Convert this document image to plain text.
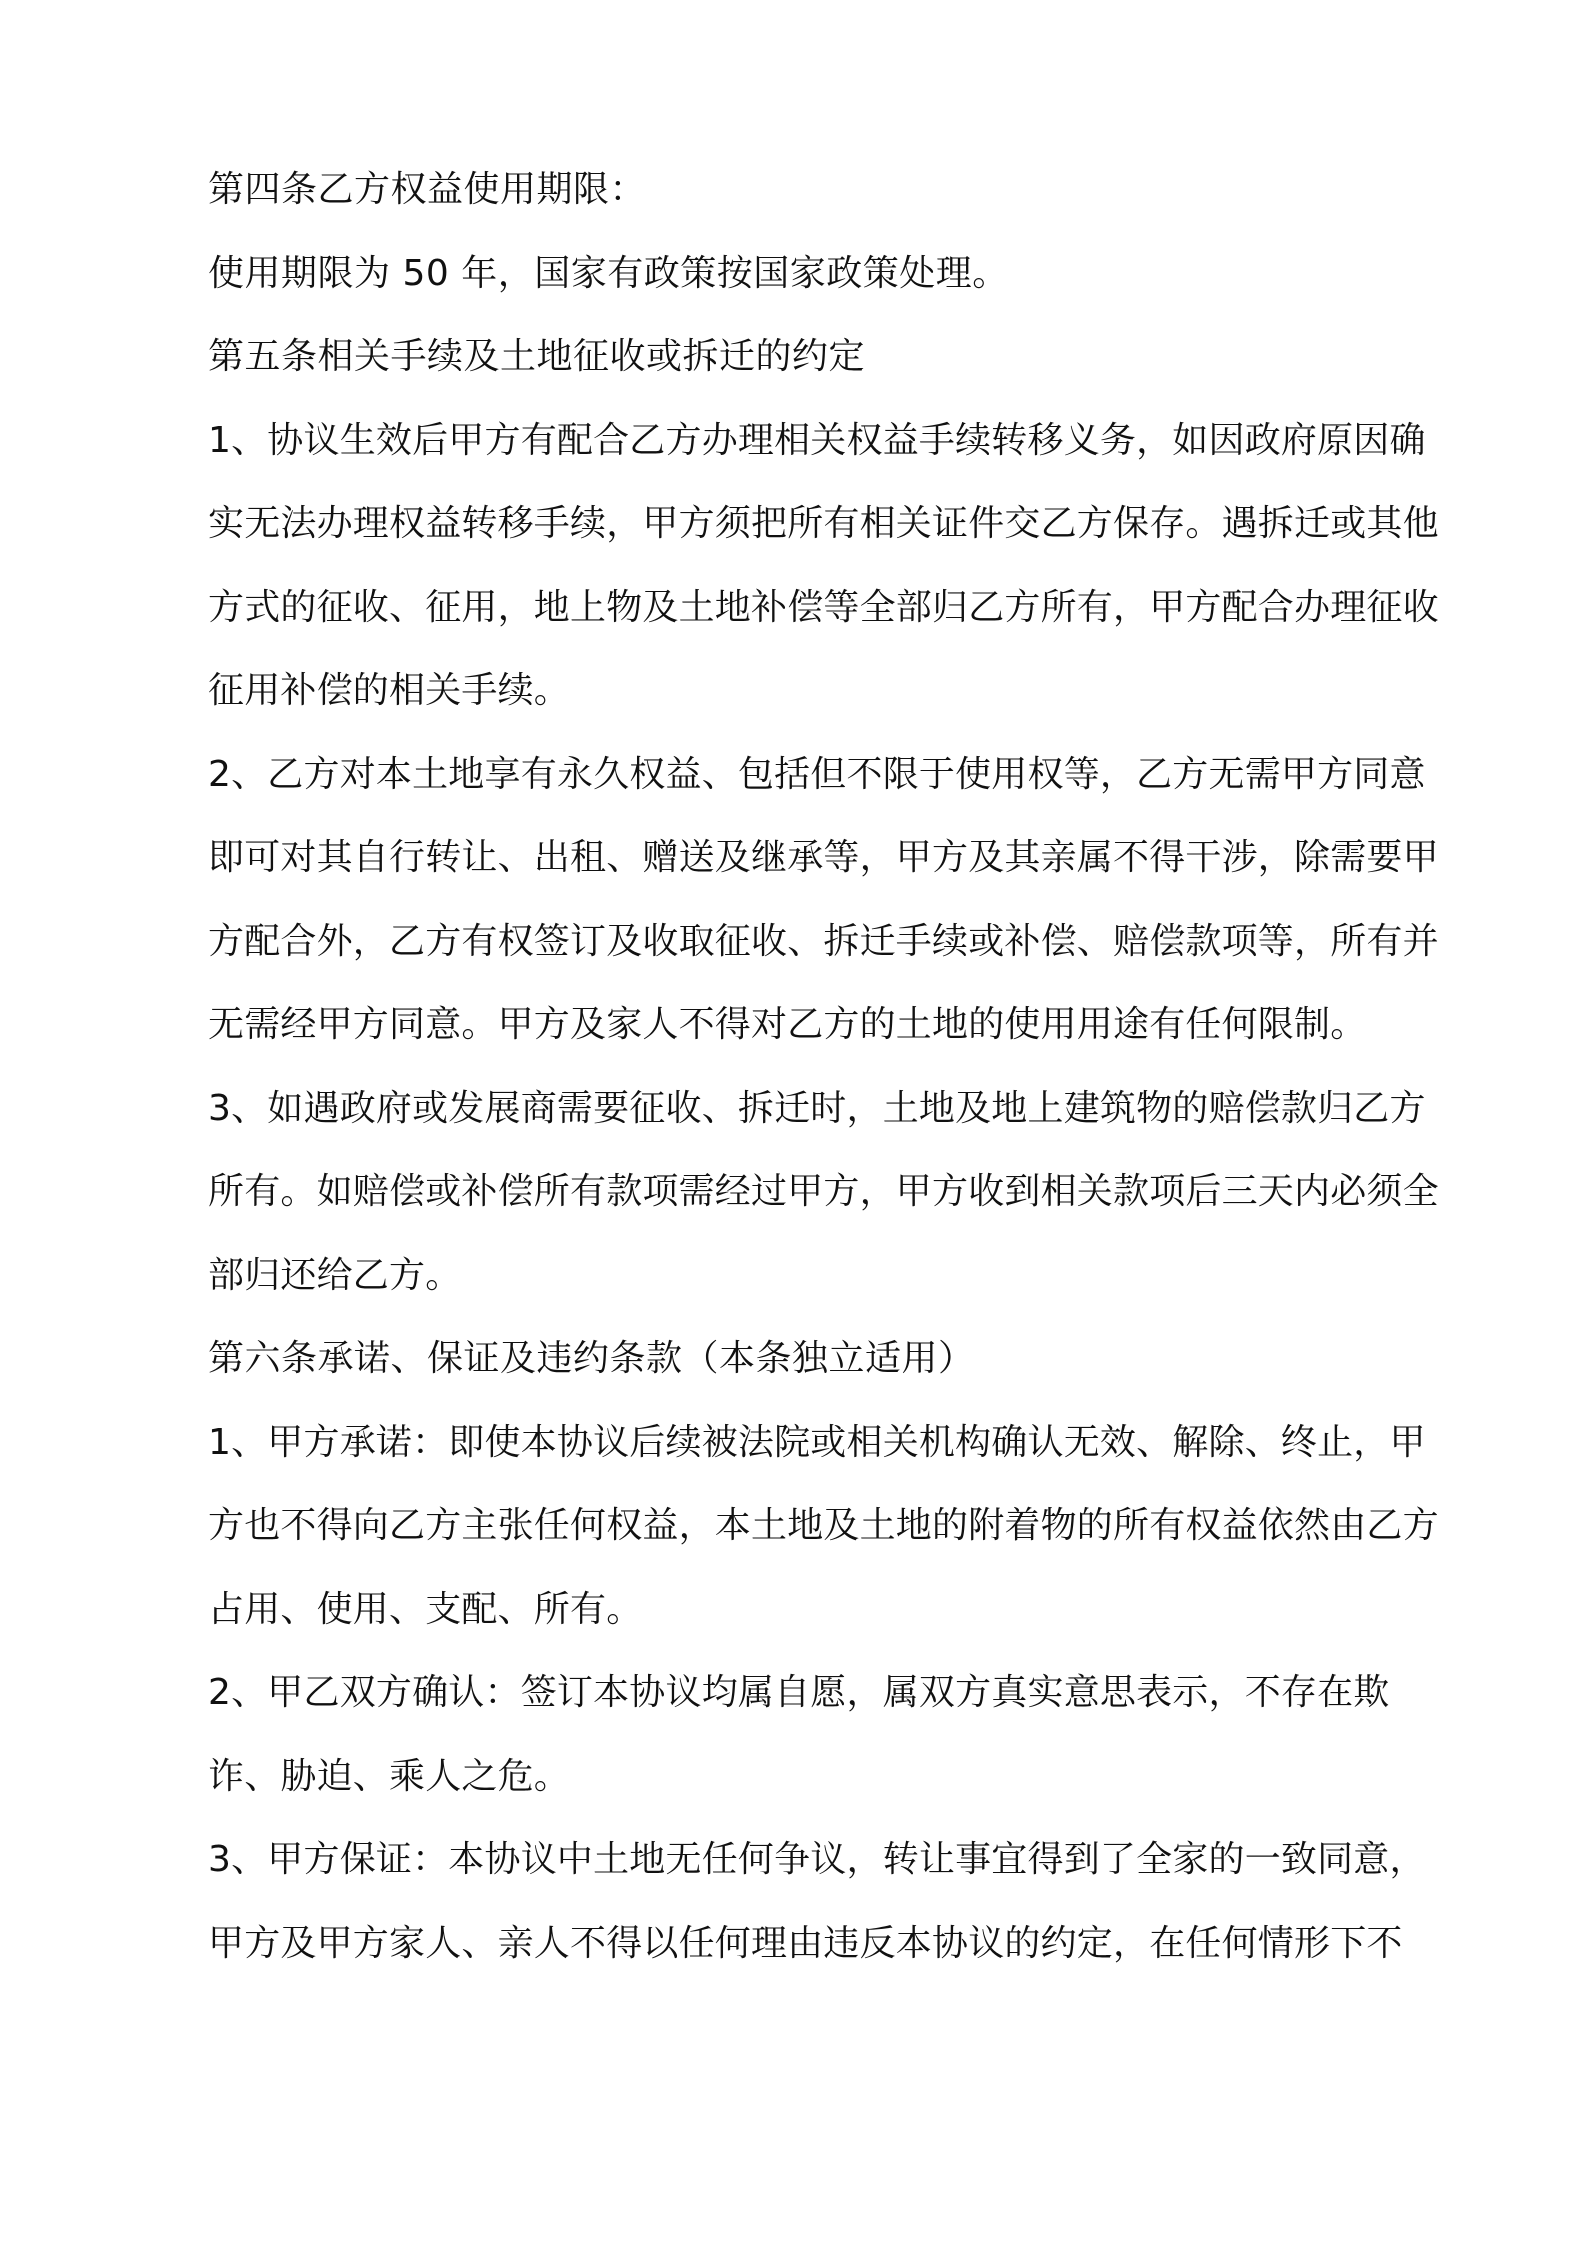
第四条乙方权益使用期限：

使用期限为 50 年，国家有政策按国家政策处理。

第五条相关手续及土地征收或拆迁的约定

1、协议生效后甲方有配合乙方办理相关权益手续转移义务，如因政府原因确实无法办理权益转移手续，甲方须把所有相关证件交乙方保存。遇拆迁或其他方式的征收、征用，地上物及土地补偿等全部归乙方所有，甲方配合办理征收征用补偿的相关手续。

2、乙方对本土地享有永久权益、包括但不限于使用权等，乙方无需甲方同意即可对其自行转让、出租、赠送及继承等，甲方及其亲属不得干涉，除需要甲方配合外，乙方有权签订及收取征收、拆迁手续或补偿、赔偿款项等，所有并无需经甲方同意。甲方及家人不得对乙方的土地的使用用途有任何限制。

3、如遇政府或发展商需要征收、拆迁时，土地及地上建筑物的赔偿款归乙方所有。如赔偿或补偿所有款项需经过甲方，甲方收到相关款项后三天内必须全部归还给乙方。

第六条承诺、保证及违约条款（本条独立适用）

1、甲方承诺：即使本协议后续被法院或相关机构确认无效、解除、终止，甲方也不得向乙方主张任何权益，本土地及土地的附着物的所有权益依然由乙方占用、使用、支配、所有。

2、甲乙双方确认：签订本协议均属自愿，属双方真实意思表示，不存在欺诈、胁迫、乘人之危。

3、甲方保证：本协议中土地无任何争议，转让事宜得到了全家的一致同意，甲方及甲方家人、亲人不得以任何理由违反本协议的约定，在任何情形下不
